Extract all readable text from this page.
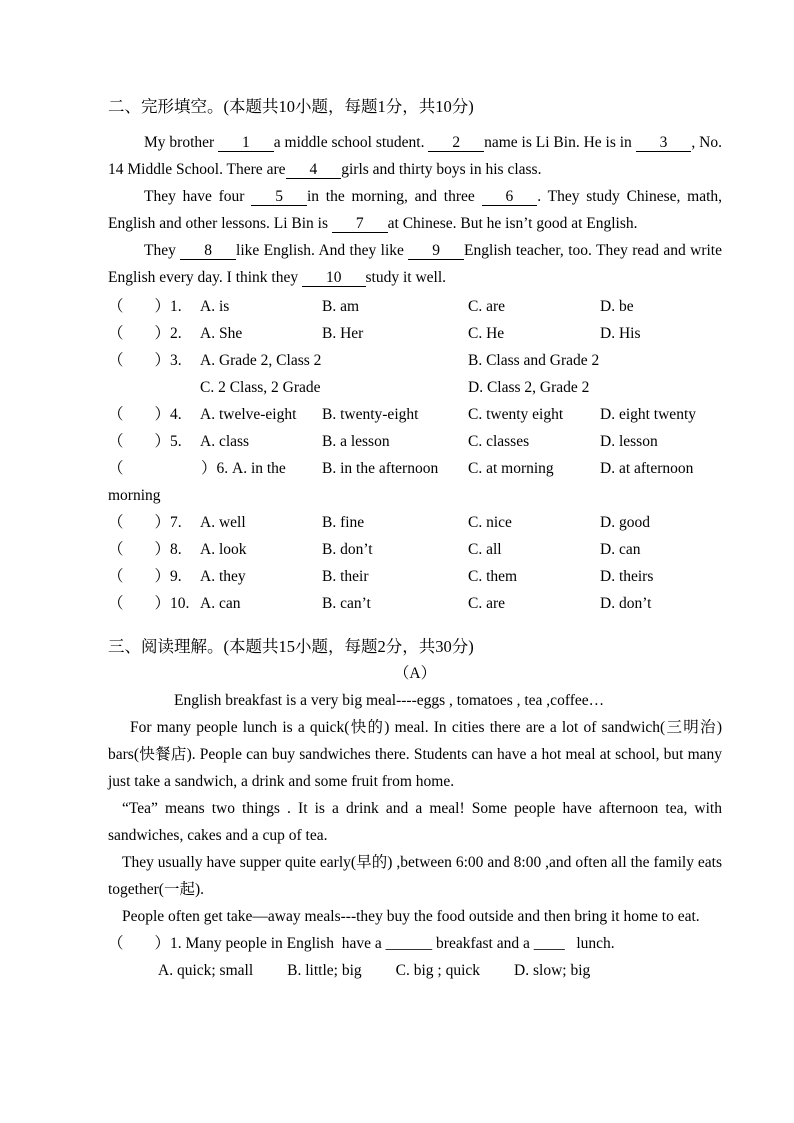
二、完形填空。(本题共10小题，每题1分，共10分)

My brother 1 a middle school student. 2 name is Li Bin. He is in 3 , No. 14 Middle School. There are 4 girls and thirty boys in his class.

They have four 5 in the morning, and three 6 . They study Chinese, math, English and other lessons. Li Bin is 7 at Chinese. But he isn’t good at English.

They 8 like English. And they like 9 English teacher, too. They read and write English every day. I think they 10 study it well.

（　　）1.	A. is	B. am	C. are	D. be
（　　）2.	A. She	B. Her	C. He	D. His
（　　）3.	A. Grade 2, Class 2	B. Class and Grade 2
C. 2 Class, 2 Grade	D. Class 2, Grade 2
（　　）4.	A. twelve-eight	B. twenty-eight	C. twenty eight	D. eight twenty
（　　）5.	A. class	B. a lesson	C. classes	D. lesson
（　　　　　）6. A. in the	B. in the afternoon	C. at morning	D. at afternoon
morning
（　　）7.	A. well	B. fine	C. nice	D. good
（　　）8.	A. look	B. don’t	C. all	D. can
（　　）9.	A. they	B. their	C. them	D. theirs
（　　）10. A. can	B. can’t	C. are	D. don’t
三、阅读理解。(本题共15小题，每题2分，共30分)
（A）

English breakfast is a very big meal----eggs , tomatoes , tea ,coffee…

For many people lunch is a quick(快的) meal. In cities there are a lot of sandwich(三明治) bars(快餐店). People can buy sandwiches there. Students can have a hot meal at school, but many just take a sandwich, a drink and some fruit from home.

“Tea” means two things . It is a drink and a meal! Some people have afternoon tea, with sandwiches, cakes and a cup of tea.

They usually have supper quite early(早的) ,between 6:00 and 8:00 ,and often all the family eats together(一起).

People often get take—away meals---they buy the food outside and then bring it home to eat.

（　　）1. Many people in English  have a ______ breakfast and a ____   lunch.
A. quick; small B. little; big C. big ; quick D. slow; big
